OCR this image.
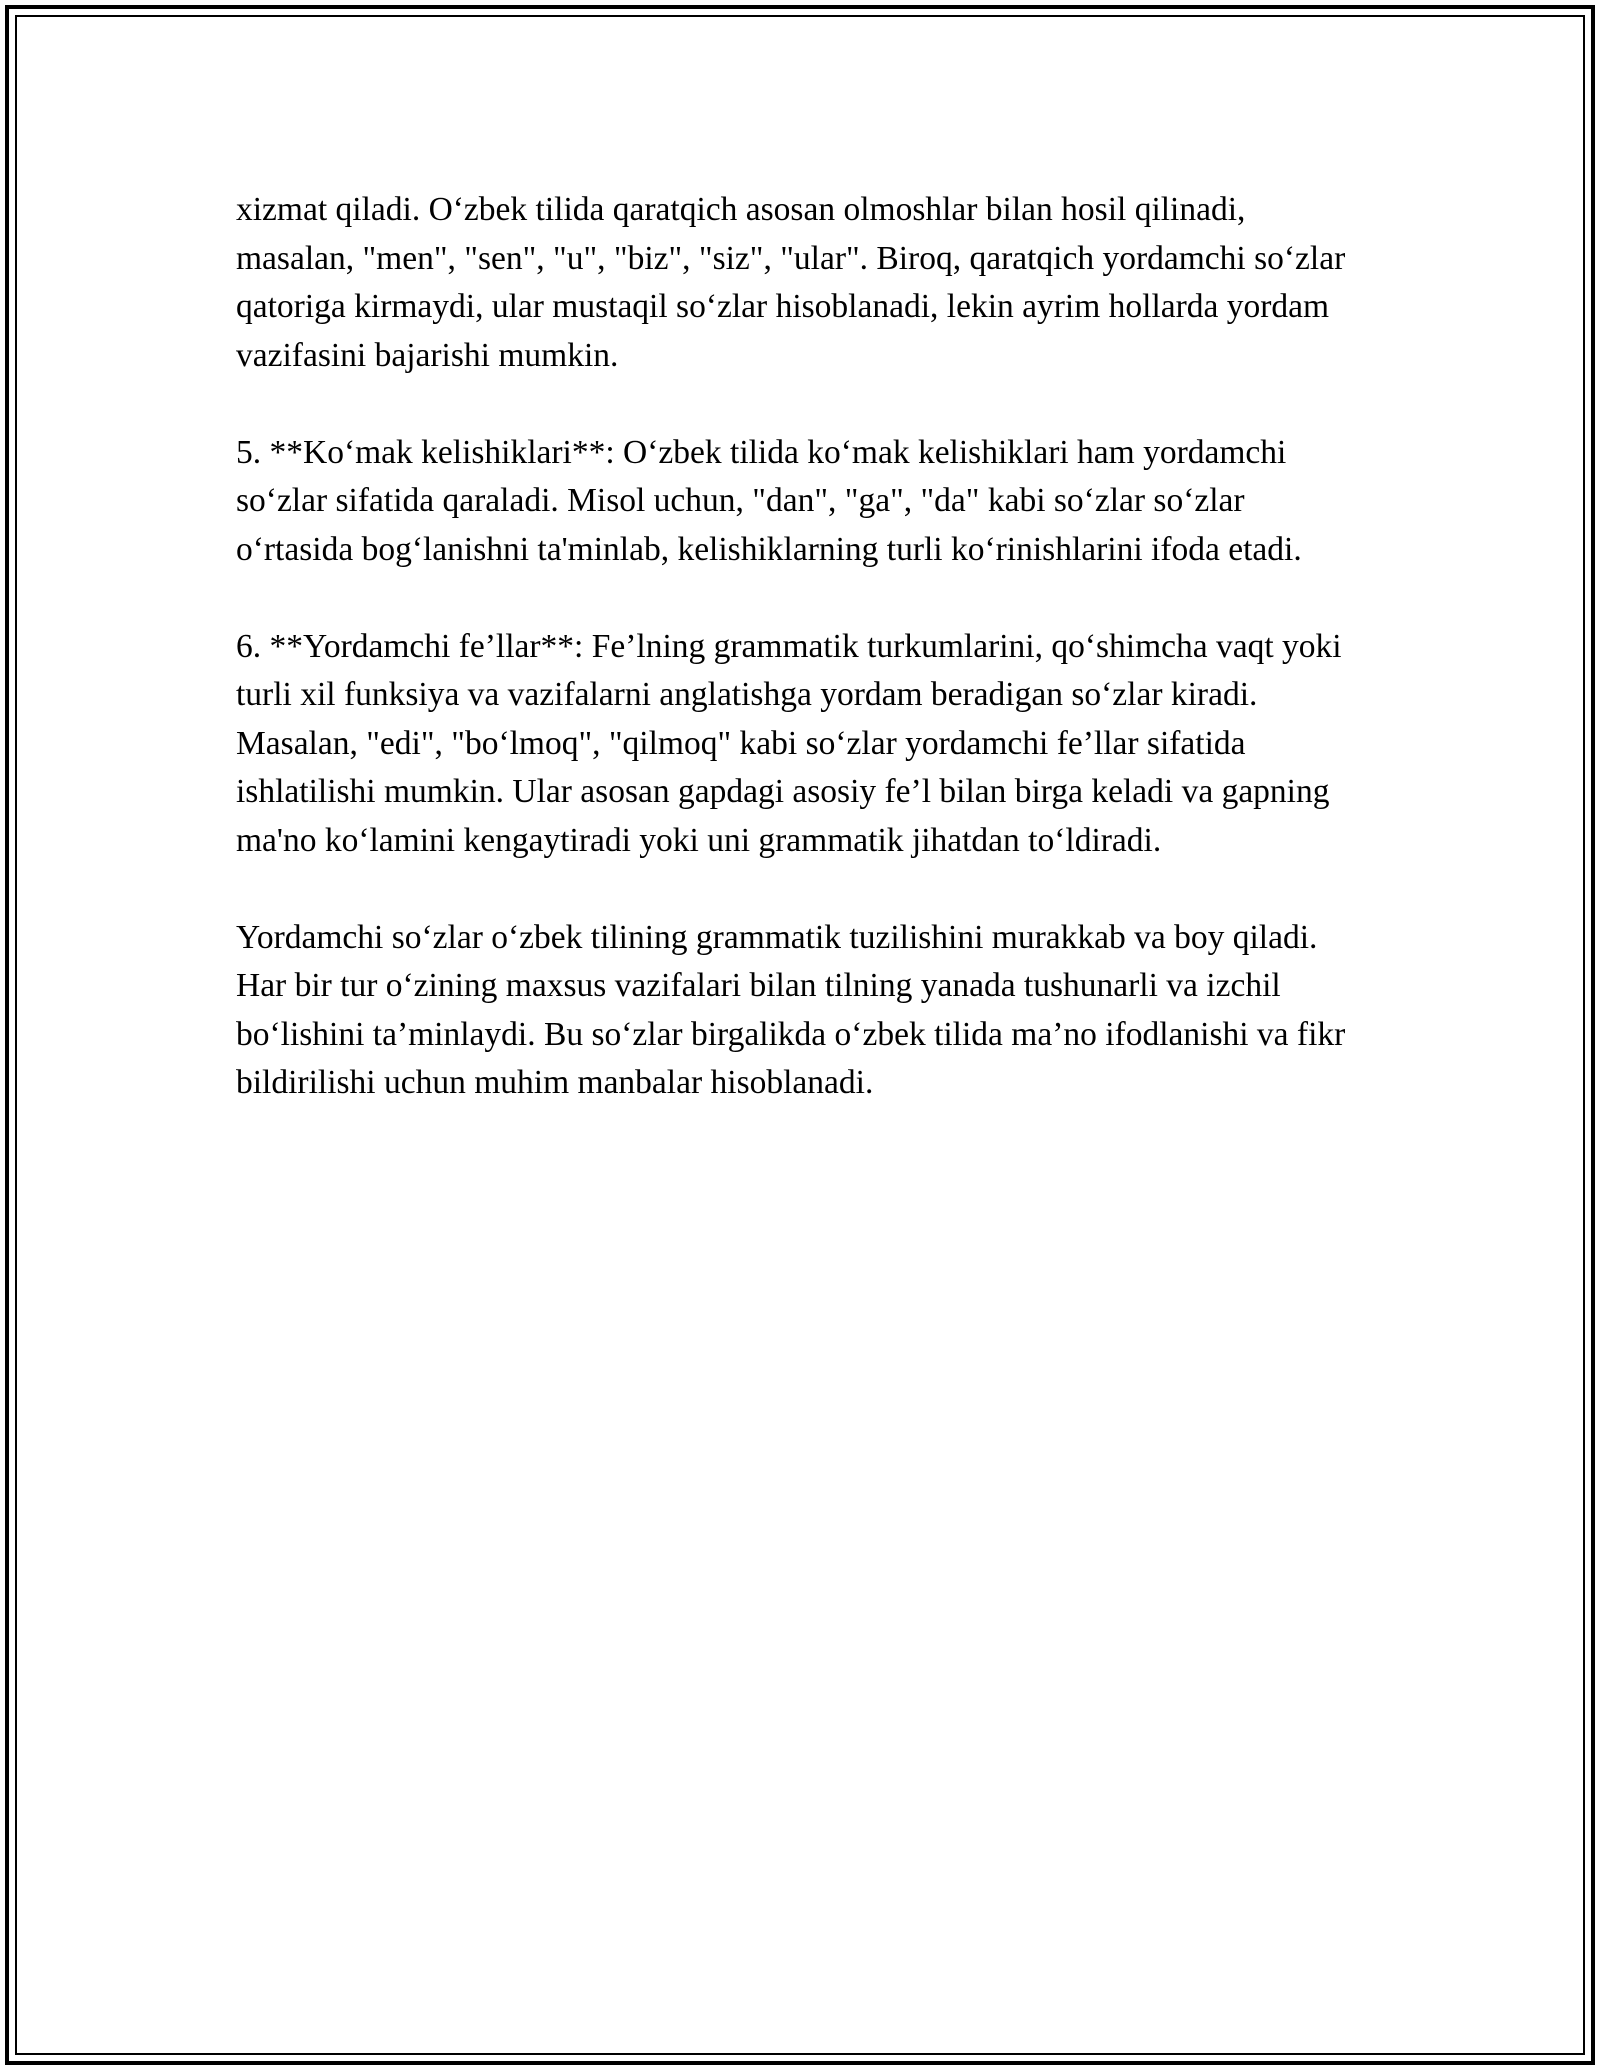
xizmat qiladi. O‘zbek tilida qaratqich asosan olmoshlar bilan hosil qilinadi, masalan, "men", "sen", "u", "biz", "siz", "ular". Biroq, qaratqich yordamchi so‘zlar qatoriga kirmaydi, ular mustaqil so‘zlar hisoblanadi, lekin ayrim hollarda yordam vazifasini bajarishi mumkin.

5. **Ko‘mak kelishiklari**: O‘zbek tilida ko‘mak kelishiklari ham yordamchi so‘zlar sifatida qaraladi. Misol uchun, "dan", "ga", "da" kabi so‘zlar so‘zlar o‘rtasida bog‘lanishni ta'minlab, kelishiklarning turli ko‘rinishlarini ifoda etadi.

6. **Yordamchi fe’llar**: Fe’lning grammatik turkumlarini, qo‘shimcha vaqt yoki turli xil funksiya va vazifalarni anglatishga yordam beradigan so‘zlar kiradi. Masalan, "edi", "bo‘lmoq", "qilmoq" kabi so‘zlar yordamchi fe’llar sifatida ishlatilishi mumkin. Ular asosan gapdagi asosiy fe’l bilan birga keladi va gapning ma'no ko‘lamini kengaytiradi yoki uni grammatik jihatdan to‘ldiradi.

Yordamchi so‘zlar o‘zbek tilining grammatik tuzilishini murakkab va boy qiladi. Har bir tur o‘zining maxsus vazifalari bilan tilning yanada tushunarli va izchil bo‘lishini ta’minlaydi. Bu so‘zlar birgalikda o‘zbek tilida ma’no ifodlanishi va fikr bildirilishi uchun muhim manbalar hisoblanadi.
